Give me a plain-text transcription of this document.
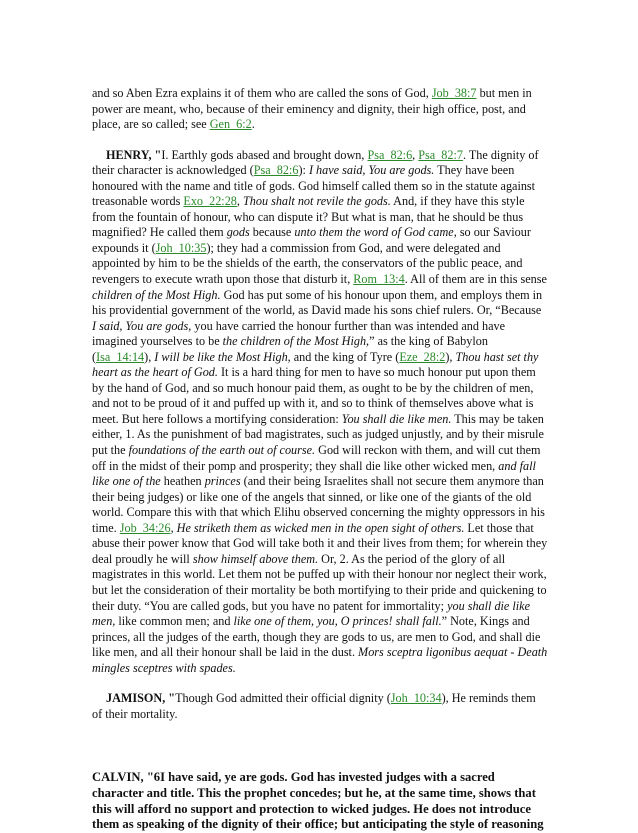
and so Aben Ezra explains it of them who are called the sons of God, Job_38:7 but men in power are meant, who, because of their eminency and dignity, their high office, post, and place, are so called; see Gen_6:2.

HENRY, "I. Earthly gods abased and brought down, Psa_82:6, Psa_82:7. The dignity of their character is acknowledged (Psa_82:6): I have said, You are gods. They have been honoured with the name and title of gods. God himself called them so in the statute against treasonable words Exo_22:28, Thou shalt not revile the gods. And, if they have this style from the fountain of honour, who can dispute it? But what is man, that he should be thus magnified? He called them gods because unto them the word of God came, so our Saviour expounds it (Joh_10:35); they had a commission from God, and were delegated and appointed by him to be the shields of the earth, the conservators of the public peace, and revengers to execute wrath upon those that disturb it, Rom_13:4. All of them are in this sense children of the Most High. God has put some of his honour upon them, and employs them in his providential government of the world, as David made his sons chief rulers. Or, “Because I said, You are gods, you have carried the honour further than was intended and have imagined yourselves to be the children of the Most High,” as the king of Babylon (Isa_14:14), I will be like the Most High, and the king of Tyre (Eze_28:2), Thou hast set thy heart as the heart of God. It is a hard thing for men to have so much honour put upon them by the hand of God, and so much honour paid them, as ought to be by the children of men, and not to be proud of it and puffed up with it, and so to think of themselves above what is meet. But here follows a mortifying consideration: You shall die like men. This may be taken either, 1. As the punishment of bad magistrates, such as judged unjustly, and by their misrule put the foundations of the earth out of course. God will reckon with them, and will cut them off in the midst of their pomp and prosperity; they shall die like other wicked men, and fall like one of the heathen princes (and their being Israelites shall not secure them anymore than their being judges) or like one of the angels that sinned, or like one of the giants of the old world. Compare this with that which Elihu observed concerning the mighty oppressors in his time. Job_34:26, He striketh them as wicked men in the open sight of others. Let those that abuse their power know that God will take both it and their lives from them; for wherein they deal proudly he will show himself above them. Or, 2. As the period of the glory of all magistrates in this world. Let them not be puffed up with their honour nor neglect their work, but let the consideration of their mortality be both mortifying to their pride and quickening to their duty. “You are called gods, but you have no patent for immortality; you shall die like men, like common men; and like one of them, you, O princes! shall fall.” Note, Kings and princes, all the judges of the earth, though they are gods to us, are men to God, and shall die like men, and all their honour shall be laid in the dust. Mors sceptra ligonibus aequat - Death mingles sceptres with spades.

JAMISON, "Though God admitted their official dignity (Joh_10:34), He reminds them of their mortality.

CALVIN, "6I have said, ye are gods. God has invested judges with a sacred character and title. This the prophet concedes; but he, at the same time, shows that this will afford no support and protection to wicked judges. He does not introduce them as speaking of the dignity of their office; but anticipating the style of reasoning
